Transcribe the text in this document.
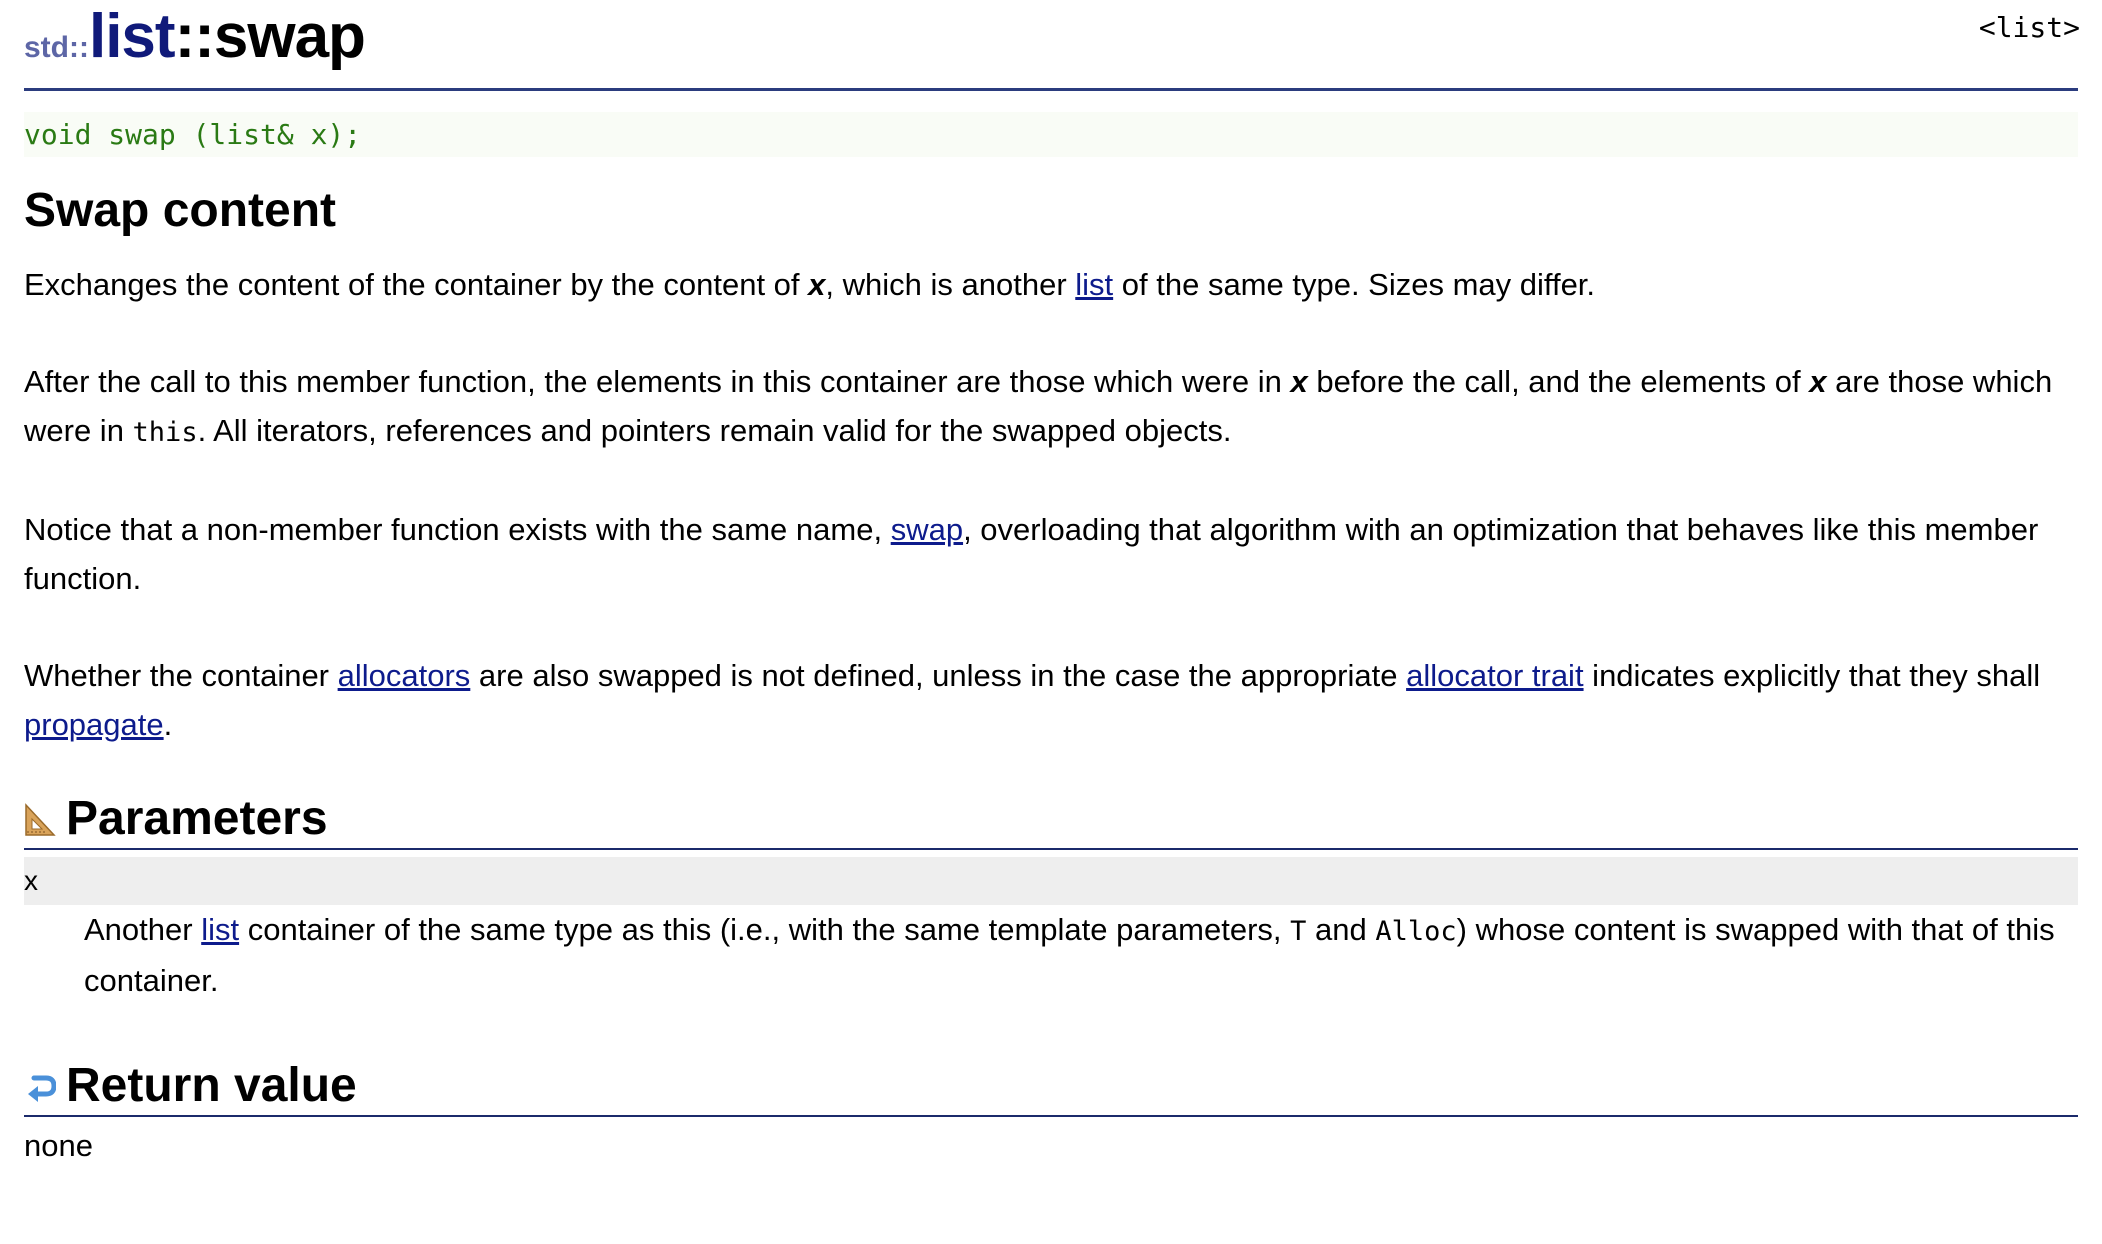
<list>
std::list::swap
void swap (list& x);
Swap content

Exchanges the content of the container by the content of x, which is another list of the same type. Sizes may differ.

After the call to this member function, the elements in this container are those which were in x before the call, and the elements of x are those which were in this. All iterators, references and pointers remain valid for the swapped objects.

Notice that a non-member function exists with the same name, swap, overloading that algorithm with an optimization that behaves like this member function.

Whether the container allocators are also swapped is not defined, unless in the case the appropriate allocator trait indicates explicitly that they shall propagate.

Parameters
x

Another list container of the same type as this (i.e., with the same template parameters, T and Alloc) whose content is swapped with that of this container.

Return value

none
